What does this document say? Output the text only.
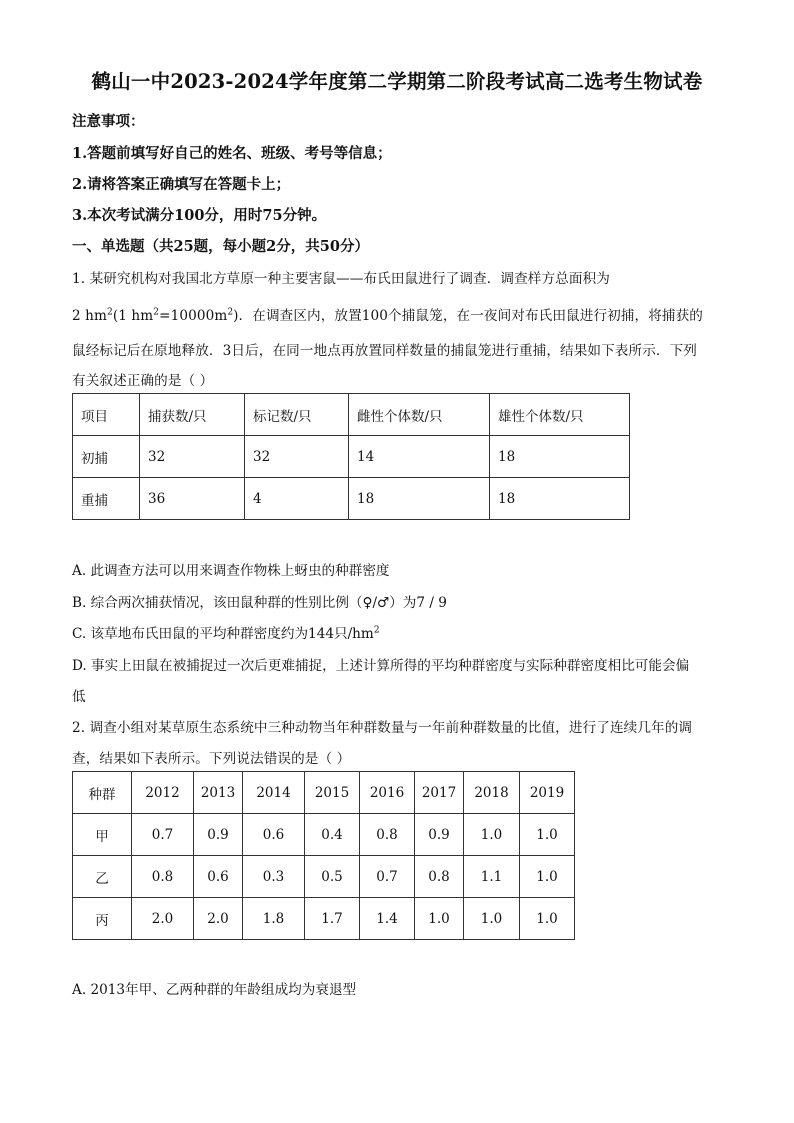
鹤山一中2023-2024学年度第二学期第二阶段考试高二选考生物试卷
注意事项：
1.答题前填写好自己的姓名、班级、考号等信息；
2.请将答案正确填写在答题卡上；
3.本次考试满分100分，用时75分钟。
一、单选题（共25题，每小题2分，共50分）
1. 某研究机构对我国北方草原一种主要害鼠——布氏田鼠进行了调查．调查样方总面积为
2 $hm^2(1$ $hm^2=10000m^2$)．在调查区内，放置100个捕鼠笼，在一夜间对布氏田鼠进行初捕，将捕获的
鼠经标记后在原地释放．3日后，在同一地点再放置同样数量的捕鼠笼进行重捕，结果如下表所示．下列
有关叙述正确的是（ ）
项目	捕获数/只	标记数/只	雌性个体数/只	雄性个体数/只
初捕	32	32	14	18
重捕	36	4	18	18
A. 此调查方法可以用来调查作物株上蚜虫的种群密度
B. 综合两次捕获情况，该田鼠种群的性别比例（♀/♂）为7 / 9
C. 该草地布氏田鼠的平均种群密度约为144只$/hm^2$
D. 事实上田鼠在被捕捉过一次后更难捕捉，上述计算所得的平均种群密度与实际种群密度相比可能会偏
低
2. 调查小组对某草原生态系统中三种动物当年种群数量与一年前种群数量的比值，进行了连续几年的调
查，结果如下表所示。下列说法错误的是（ ）
种群	2012	2013	2014	2015	2016	2017	2018	2019
甲	0.7	0.9	0.6	0.4	0.8	0.9	1.0	1.0
乙	0.8	0.6	0.3	0.5	0.7	0.8	1.1	1.0
丙	2.0	2.0	1.8	1.7	1.4	1.0	1.0	1.0
A. 2013年甲、乙两种群的年龄组成均为衰退型
